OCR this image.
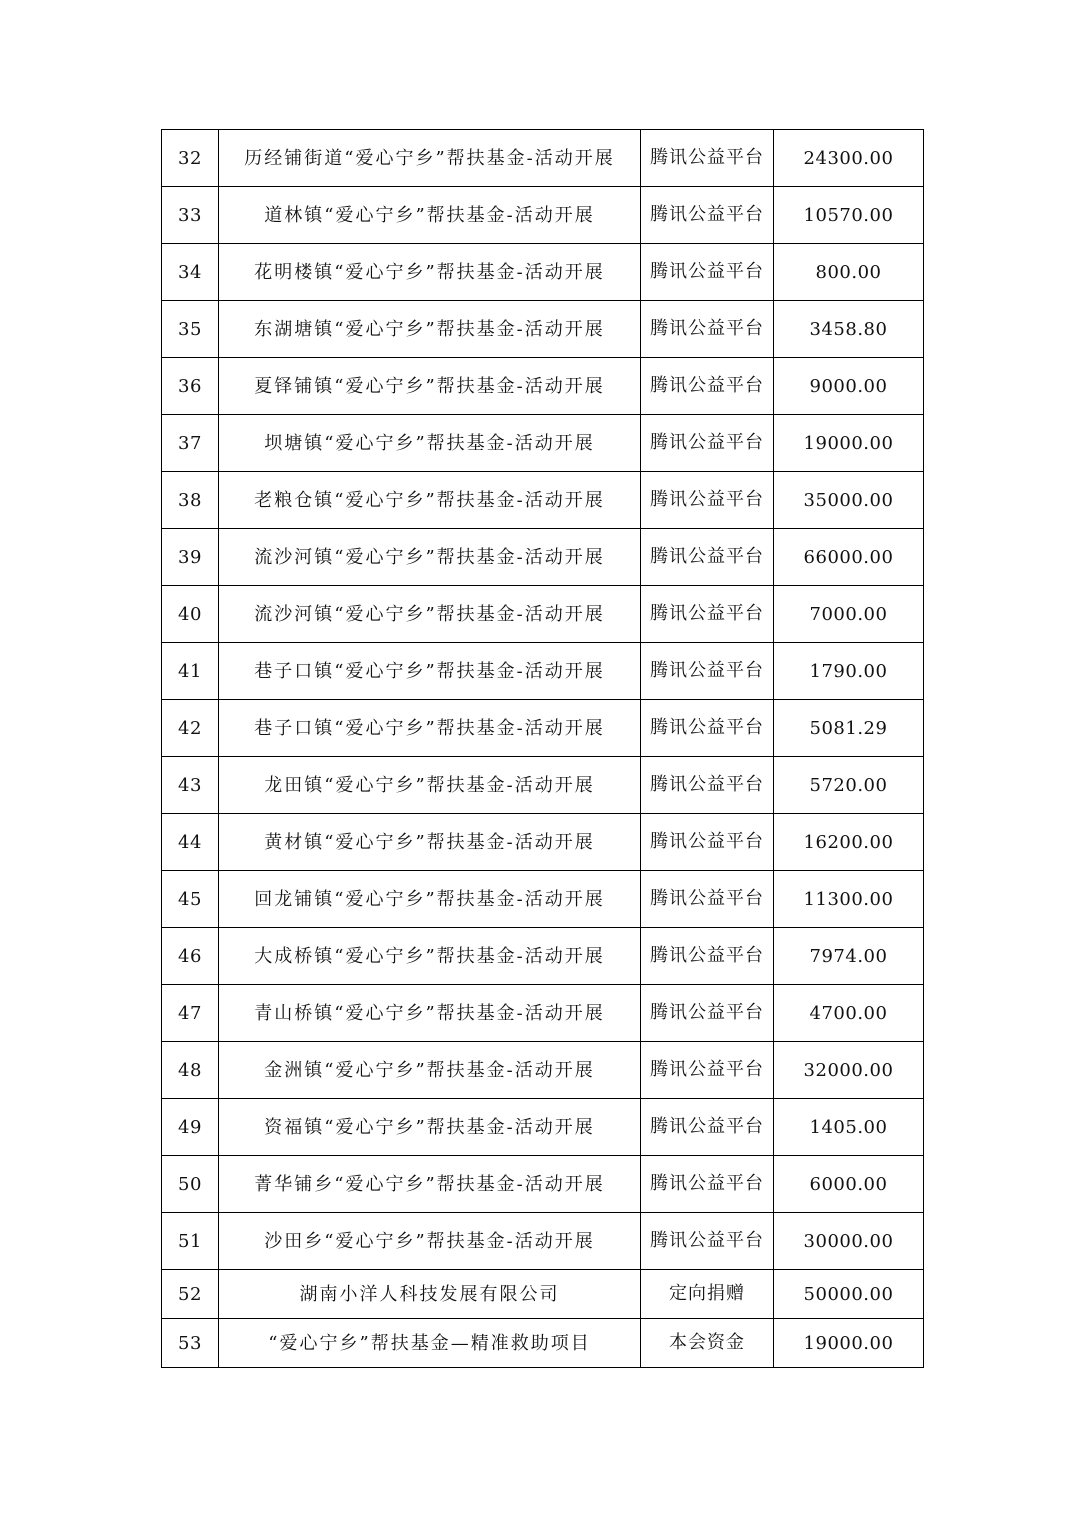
32	历经铺街道“爱心宁乡”帮扶基金-活动开展	腾讯公益平台	24300.00
33	道林镇“爱心宁乡”帮扶基金-活动开展	腾讯公益平台	10570.00
34	花明楼镇“爱心宁乡”帮扶基金-活动开展	腾讯公益平台	800.00
35	东湖塘镇“爱心宁乡”帮扶基金-活动开展	腾讯公益平台	3458.80
36	夏铎铺镇“爱心宁乡”帮扶基金-活动开展	腾讯公益平台	9000.00
37	坝塘镇“爱心宁乡”帮扶基金-活动开展	腾讯公益平台	19000.00
38	老粮仓镇“爱心宁乡”帮扶基金-活动开展	腾讯公益平台	35000.00
39	流沙河镇“爱心宁乡”帮扶基金-活动开展	腾讯公益平台	66000.00
40	流沙河镇“爱心宁乡”帮扶基金-活动开展	腾讯公益平台	7000.00
41	巷子口镇“爱心宁乡”帮扶基金-活动开展	腾讯公益平台	1790.00
42	巷子口镇“爱心宁乡”帮扶基金-活动开展	腾讯公益平台	5081.29
43	龙田镇“爱心宁乡”帮扶基金-活动开展	腾讯公益平台	5720.00
44	黄材镇“爱心宁乡”帮扶基金-活动开展	腾讯公益平台	16200.00
45	回龙铺镇“爱心宁乡”帮扶基金-活动开展	腾讯公益平台	11300.00
46	大成桥镇“爱心宁乡”帮扶基金-活动开展	腾讯公益平台	7974.00
47	青山桥镇“爱心宁乡”帮扶基金-活动开展	腾讯公益平台	4700.00
48	金洲镇“爱心宁乡”帮扶基金-活动开展	腾讯公益平台	32000.00
49	资福镇“爱心宁乡”帮扶基金-活动开展	腾讯公益平台	1405.00
50	菁华铺乡“爱心宁乡”帮扶基金-活动开展	腾讯公益平台	6000.00
51	沙田乡“爱心宁乡”帮扶基金-活动开展	腾讯公益平台	30000.00
52	湖南小洋人科技发展有限公司	定向捐赠	50000.00
53	“爱心宁乡”帮扶基金—精准救助项目	本会资金	19000.00
